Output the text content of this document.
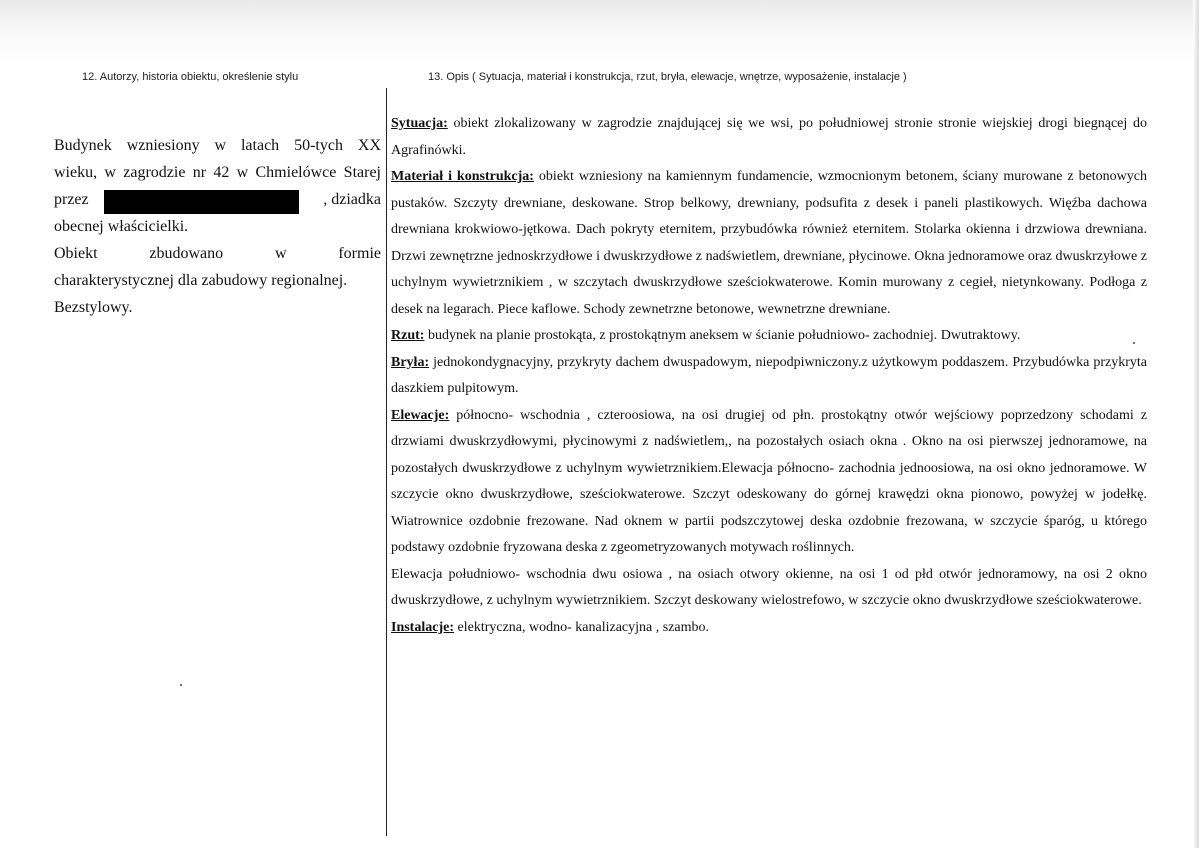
12. Autorzy, historia obiektu, określenie stylu	13. Opis ( Sytuacja, materiał i konstrukcja, rzut, bryła, elewacje, wnętrze, wyposażenie, instalacje )
Budynek wzniesiony w latach 50-tych XX
wieku, w zagrodzie nr 42 w Chmielówce Starej
przez	, dziadka
obecnej właścicielki.
Obiekt zbudowano w formie
charakterystycznej dla zabudowy regionalnej.
Bezstylowy.

Sytuacja: obiekt zlokalizowany w zagrodzie znajdującej się we wsi, po południowej stronie stronie wiejskiej drogi biegnącej do Agrafinówki.

Materiał i konstrukcja: obiekt wzniesiony na kamiennym fundamencie, wzmocnionym betonem, ściany murowane z betonowych pustaków. Szczyty drewniane, deskowane. Strop belkowy, drewniany, podsufita z desek i paneli plastikowych. Więźba dachowa drewniana krokwiowo-jętkowa. Dach pokryty eternitem, przybudówka również eternitem. Stolarka okienna i drzwiowa drewniana. Drzwi zewnętrzne jednoskrzydłowe i dwuskrzydłowe z nadświetlem, drewniane, płycinowe. Okna jednoramowe oraz dwuskrzyłowe z uchylnym wywietrznikiem , w szczytach dwuskrzydłowe sześciokwaterowe. Komin murowany z cegieł, nietynkowany. Podłoga z desek na legarach. Piece kaflowe. Schody zewnetrzne betonowe, wewnetrzne drewniane.

Rzut: budynek na planie prostokąta, z prostokątnym aneksem w ścianie południowo- zachodniej. Dwutraktowy.

Bryła: jednokondygnacyjny, przykryty dachem dwuspadowym, niepodpiwniczony.z użytkowym poddaszem. Przybudówka przykryta daszkiem pulpitowym.

Elewacje: północno- wschodnia , czteroosiowa, na osi drugiej od płn. prostokątny otwór wejściowy poprzedzony schodami z drzwiami dwuskrzydłowymi, płycinowymi z nadświetlem,, na pozostałych osiach okna . Okno na osi pierwszej jednoramowe, na pozostałych dwuskrzydłowe z uchylnym wywietrznikiem.Elewacja północno- zachodnia jednoosiowa, na osi okno jednoramowe. W szczycie okno dwuskrzydłowe, sześciokwaterowe. Szczyt odeskowany do górnej krawędzi okna pionowo, powyżej w jodełkę. Wiatrownice ozdobnie frezowane. Nad oknem w partii podszczytowej deska ozdobnie frezowana, w szczycie śparóg, u którego podstawy ozdobnie fryzowana deska z zgeometryzowanych motywach roślinnych.

Elewacja południowo- wschodnia dwu osiowa , na osiach otwory okienne, na osi 1 od płd otwór jednoramowy, na osi 2 okno dwuskrzydłowe, z uchylnym wywietrznikiem. Szczyt deskowany wielostrefowo, w szczycie okno dwuskrzydłowe sześciokwaterowe.

Instalacje: elektryczna, wodno- kanalizacyjna , szambo.
